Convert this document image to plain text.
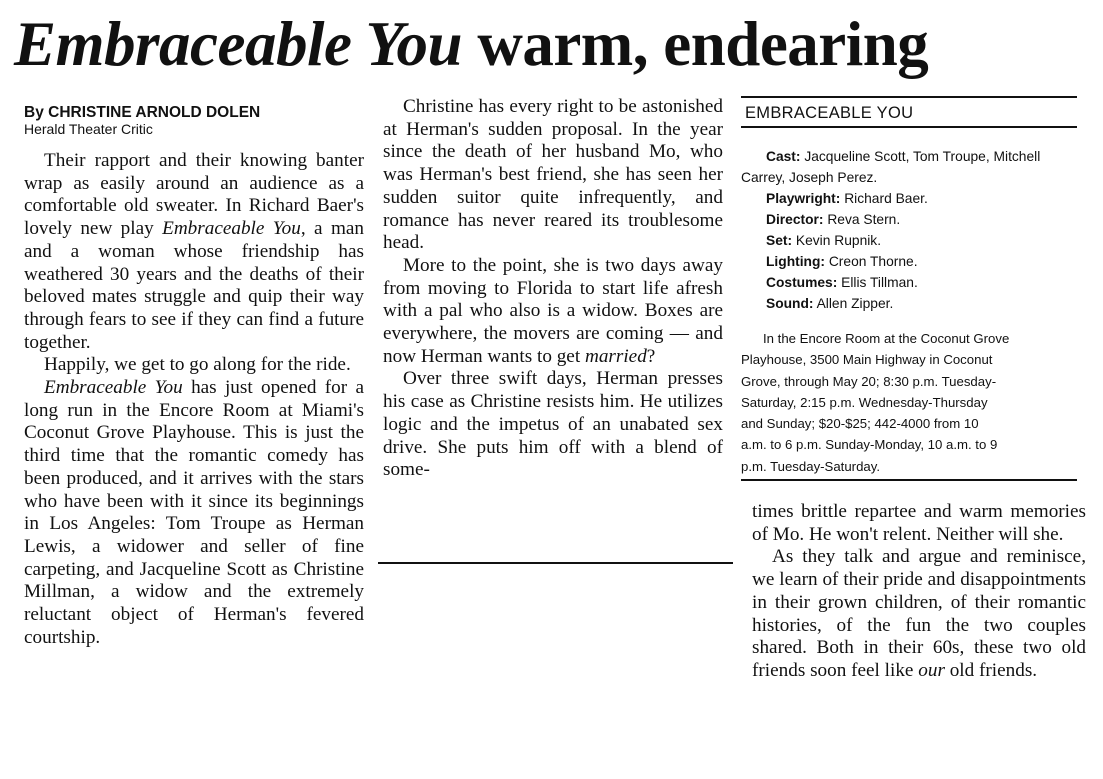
Embraceable You warm, endearing
By CHRISTINE ARNOLD DOLEN
Herald Theater Critic

Their rapport and their knowing banter wrap as easily around an audience as a comfortable old sweater. In Richard Baer's lovely new play Embraceable You, a man and a woman whose friendship has weathered 30 years and the deaths of their beloved mates struggle and quip their way through fears to see if they can find a future together.

Happily, we get to go along for the ride.

Embraceable You has just opened for a long run in the Encore Room at Miami's Coconut Grove Playhouse. This is just the third time that the romantic comedy has been produced, and it arrives with the stars who have been with it since its beginnings in Los Angeles: Tom Troupe as Herman Lewis, a widower and seller of fine carpeting, and Jacqueline Scott as Christine Millman, a widow and the extremely reluctant object of Herman's fevered courtship.

Christine has every right to be astonished at Herman's sudden proposal. In the year since the death of her husband Mo, who was Herman's best friend, she has seen her sudden suitor quite infrequently, and romance has never reared its troublesome head.

More to the point, she is two days away from moving to Florida to start life afresh with a pal who also is a widow. Boxes are everywhere, the movers are coming — and now Herman wants to get married?

Over three swift days, Herman presses his case as Christine resists him. He utilizes logic and the impetus of an unabated sex drive. She puts him off with a blend of some-

EMBRACEABLE YOU
Cast: Jacqueline Scott, Tom Troupe, Mitchell Carrey, Joseph Perez.
Playwright: Richard Baer.
Director: Reva Stern.
Set: Kevin Rupnik.
Lighting: Creon Thorne.
Costumes: Ellis Tillman.
Sound: Allen Zipper.
In the Encore Room at the Coconut Grove
Playhouse, 3500 Main Highway in Coconut
Grove, through May 20; 8:30 p.m. Tuesday-
Saturday, 2:15 p.m. Wednesday-Thursday
and Sunday; $20-$25; 442-4000 from 10
a.m. to 6 p.m. Sunday-Monday, 10 a.m. to 9
p.m. Tuesday-Saturday.

times brittle repartee and warm memories of Mo. He won't relent. Neither will she.

As they talk and argue and reminisce, we learn of their pride and disappointments in their grown children, of their romantic histories, of the fun the two couples shared. Both in their 60s, these two old friends soon feel like our old friends.
